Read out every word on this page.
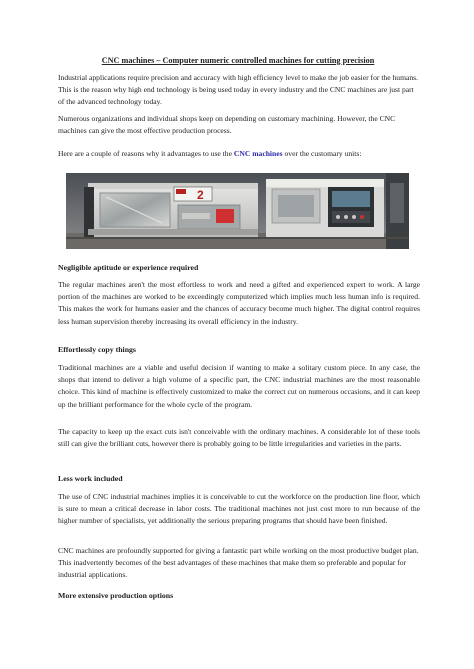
CNC machines – Computer numeric controlled machines for cutting precision

Industrial applications require precision and accuracy with high efficiency level to make the job easier for the humans. This is the reason why high end technology is being used today in every industry and the CNC machines are just part of the advanced technology today.

Numerous organizations and individual shops keep on depending on customary machining. However, the CNC machines can give the most effective production process.

Here are a couple of reasons why it advantages to use the CNC machines over the customary units:

2
Negligible aptitude or experience required

The regular machines aren't the most effortless to work and need a gifted and experienced expert to work. A large portion of the machines are worked to be exceedingly computerized which implies much less human info is required. This makes the work for humans easier and the chances of accuracy become much higher. The digital control requires less human supervision thereby increasing its overall efficiency in the industry.

Effortlessly copy things

Traditional machines are a viable and useful decision if wanting to make a solitary custom piece. In any case, the shops that intend to deliver a high volume of a specific part, the CNC industrial machines are the most reasonable choice. This kind of machine is effectively customized to make the correct cut on numerous occasions, and it can keep up the brilliant performance for the whole cycle of the program.

The capacity to keep up the exact cuts isn't conceivable with the ordinary machines. A considerable lot of these tools still can give the brilliant cuts, however there is probably going to be little irregularities and varieties in the parts.

Less work included

The use of CNC industrial machines implies it is conceivable to cut the workforce on the production line floor, which is sure to mean a critical decrease in labor costs. The traditional machines not just cost more to run because of the higher number of specialists, yet additionally the serious preparing programs that should have been finished.

CNC machines are profoundly supported for giving a fantastic part while working on the most productive budget plan. This inadvertently becomes of the best advantages of these machines that make them so preferable and popular for industrial applications.

More extensive production options
